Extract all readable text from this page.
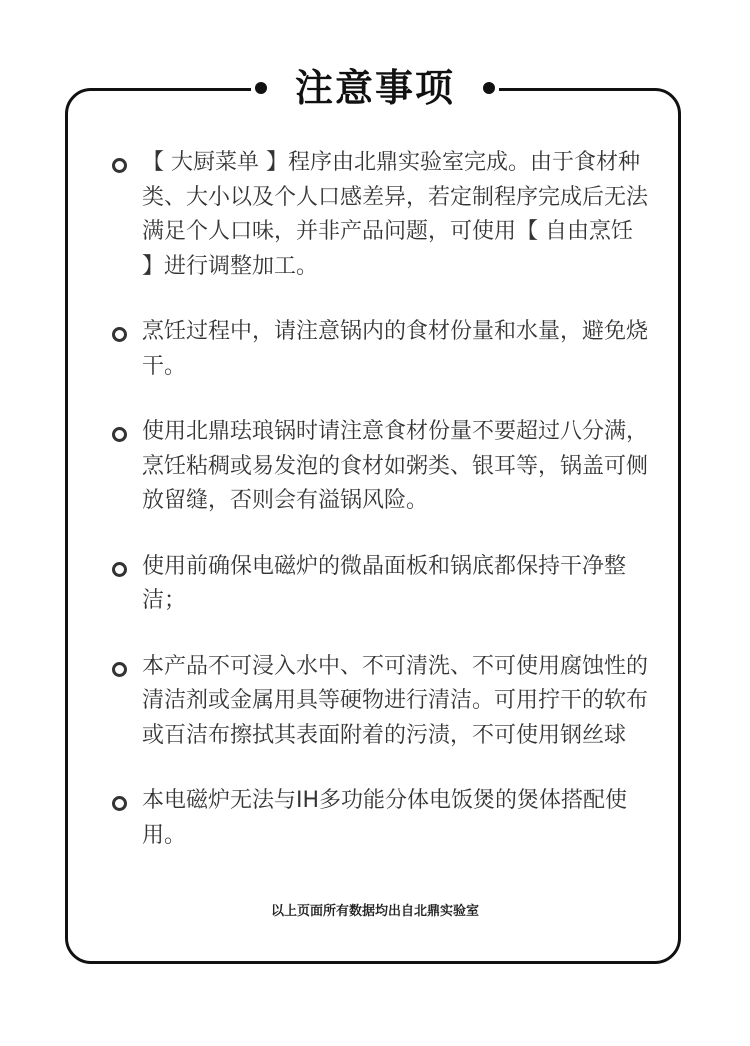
注意事项
【 大厨菜单 】程序由北鼎实验室完成。由于食材种类、大小以及个人口感差异，若定制程序完成后无法满足个人口味，并非产品问题，可使用【 自由烹饪 】进行调整加工。
烹饪过程中，请注意锅内的食材份量和水量，避免烧干。
使用北鼎珐琅锅时请注意食材份量不要超过八分满，烹饪粘稠或易发泡的食材如粥类、银耳等，锅盖可侧放留缝，否则会有溢锅风险。
使用前确保电磁炉的微晶面板和锅底都保持干净整洁；
本产品不可浸入水中、不可清洗、不可使用腐蚀性的清洁剂或金属用具等硬物进行清洁。可用拧干的软布或百洁布擦拭其表面附着的污渍，不可使用钢丝球
本电磁炉无法与IH多功能分体电饭煲的煲体搭配使用。
以上页面所有数据均出自北鼎实验室
